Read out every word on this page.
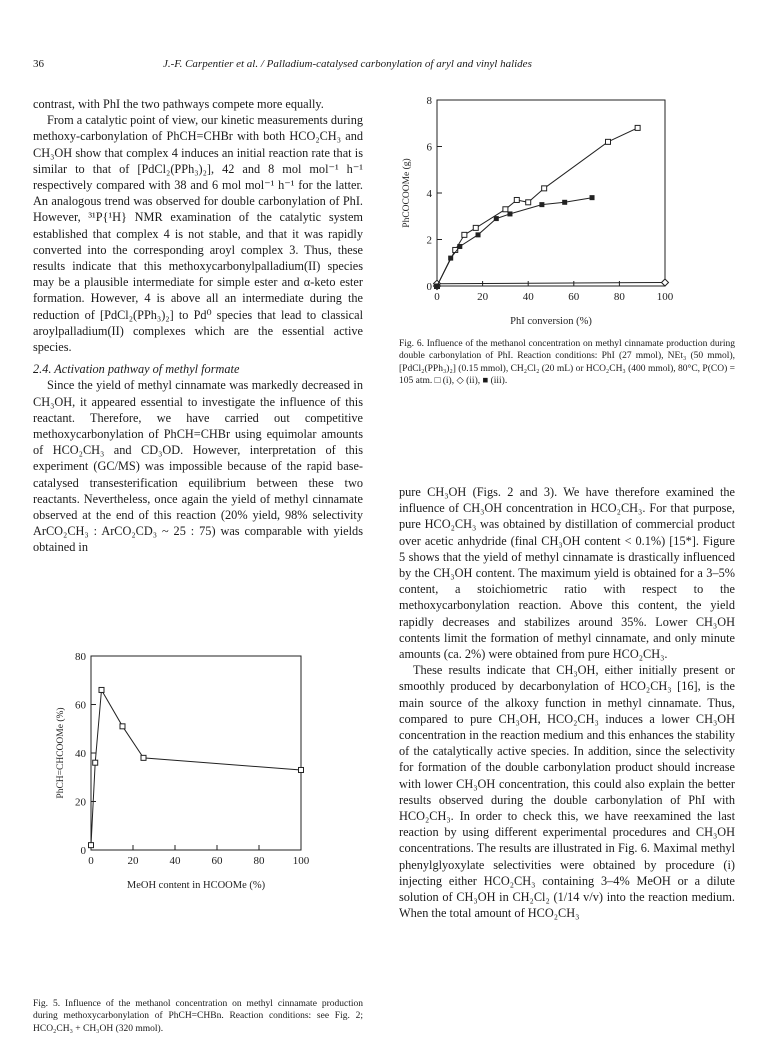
36	J.-F. Carpentier et al. / Palladium-catalysed carbonylation of aryl and vinyl halides

contrast, with PhI the two pathways compete more equally.

From a catalytic point of view, our kinetic measurements during methoxy-carbonylation of PhCH=CHBr with both HCO₂CH₃ and CH₃OH show that complex 4 induces an initial reaction rate that is similar to that of [PdCl₂(PPh₃)₂], 42 and 8 mol mol⁻¹ h⁻¹ respectively compared with 38 and 6 mol mol⁻¹ h⁻¹ for the latter. An analogous trend was observed for double carbonylation of PhI. However, ³¹P{¹H} NMR examination of the catalytic system established that complex 4 is not stable, and that it was rapidly converted into the corresponding aroyl complex 3. Thus, these results indicate that this methoxycarbonylpalladium(II) species may be a plausible intermediate for simple ester and α-keto ester formation. However, 4 is above all an intermediate during the reduction of [PdCl₂(PPh₃)₂] to Pd⁰ species that lead to classical aroylpalladium(II) complexes which are the essential active species.

2.4. Activation pathway of methyl formate

Since the yield of methyl cinnamate was markedly decreased in CH₃OH, it appeared essential to investigate the influence of this reactant. Therefore, we have carried out competitive methoxycarbonylation of PhCH=CHBr using equimolar amounts of HCO₂CH₃ and CD₃OD. However, interpretation of this experiment (GC/MS) was impossible because of the rapid base-catalysed transesterification equilibrium between these two reactants. Nevertheless, once again the yield of methyl cinnamate observed at the end of this reaction (20% yield, 98% selectivity ArCO₂CH₃ : ArCO₂CD₃ ~ 25 : 75) was comparable with yields obtained in

pure CH₃OH (Figs. 2 and 3). We have therefore examined the influence of CH₃OH concentration in HCO₂CH₃. For that purpose, pure HCO₂CH₃ was obtained by distillation of commercial product over acetic anhydride (final CH₃OH content < 0.1%) [15*]. Figure 5 shows that the yield of methyl cinnamate is drastically influenced by the CH₃OH content. The maximum yield is obtained for a 3–5% content, a stoichiometric ratio with respect to the methoxycarbonylation reaction. Above this content, the yield rapidly decreases and stabilizes around 35%. Lower CH₃OH contents limit the formation of methyl cinnamate, and only minute amounts (ca. 2%) were obtained from pure HCO₂CH₃.

These results indicate that CH₃OH, either initially present or smoothly produced by decarbonylation of HCO₂CH₃ [16], is the main source of the alkoxy function in methyl cinnamate. Thus, compared to pure CH₃OH, HCO₂CH₃ induces a lower CH₃OH concentration in the reaction medium and this enhances the stability of the catalytically active species. In addition, since the selectivity for formation of the double carbonylation product should increase with lower CH₃OH concentration, this could also explain the better results observed during the double carbonylation of PhI with HCO₂CH₃. In order to check this, we have reexamined the last reaction by using different experimental procedures and CH₃OH concentrations. The results are illustrated in Fig. 6. Maximal methyl phenylglyoxylate selectivities were obtained by procedure (i) injecting either HCO₂CH₃ containing 3–4% MeOH or a dilute solution of CH₃OH in CH₂Cl₂ (1/14 v/v) into the reaction medium. When the total amount of HCO₂CH₃

0	20	40	60	80	100
0
2
4
6
8
PhI conversion (%)
PhCOCOOMe (g)
Fig. 6. Influence of the methanol concentration on methyl cinnamate production during double carbonylation of PhI. Reaction conditions: PhI (27 mmol), NEt₃ (50 mmol), [PdCl₂(PPh₃)₂] (0.15 mmol), CH₂Cl₂ (20 mL) or HCO₂CH₃ (400 mmol), 80°C, P(CO) = 105 atm. □ (i), ◇ (ii), ■ (iii).
0	20	40	60	80	100
0
20
40
60
80
MeOH content in HCOOMe (%)
PhCH=CHCOOMe (%)
Fig. 5. Influence of the methanol concentration on methyl cinnamate production during methoxycarbonylation of PhCH=CHBn. Reaction conditions: see Fig. 2; HCO₂CH₃ + CH₃OH (320 mmol).
